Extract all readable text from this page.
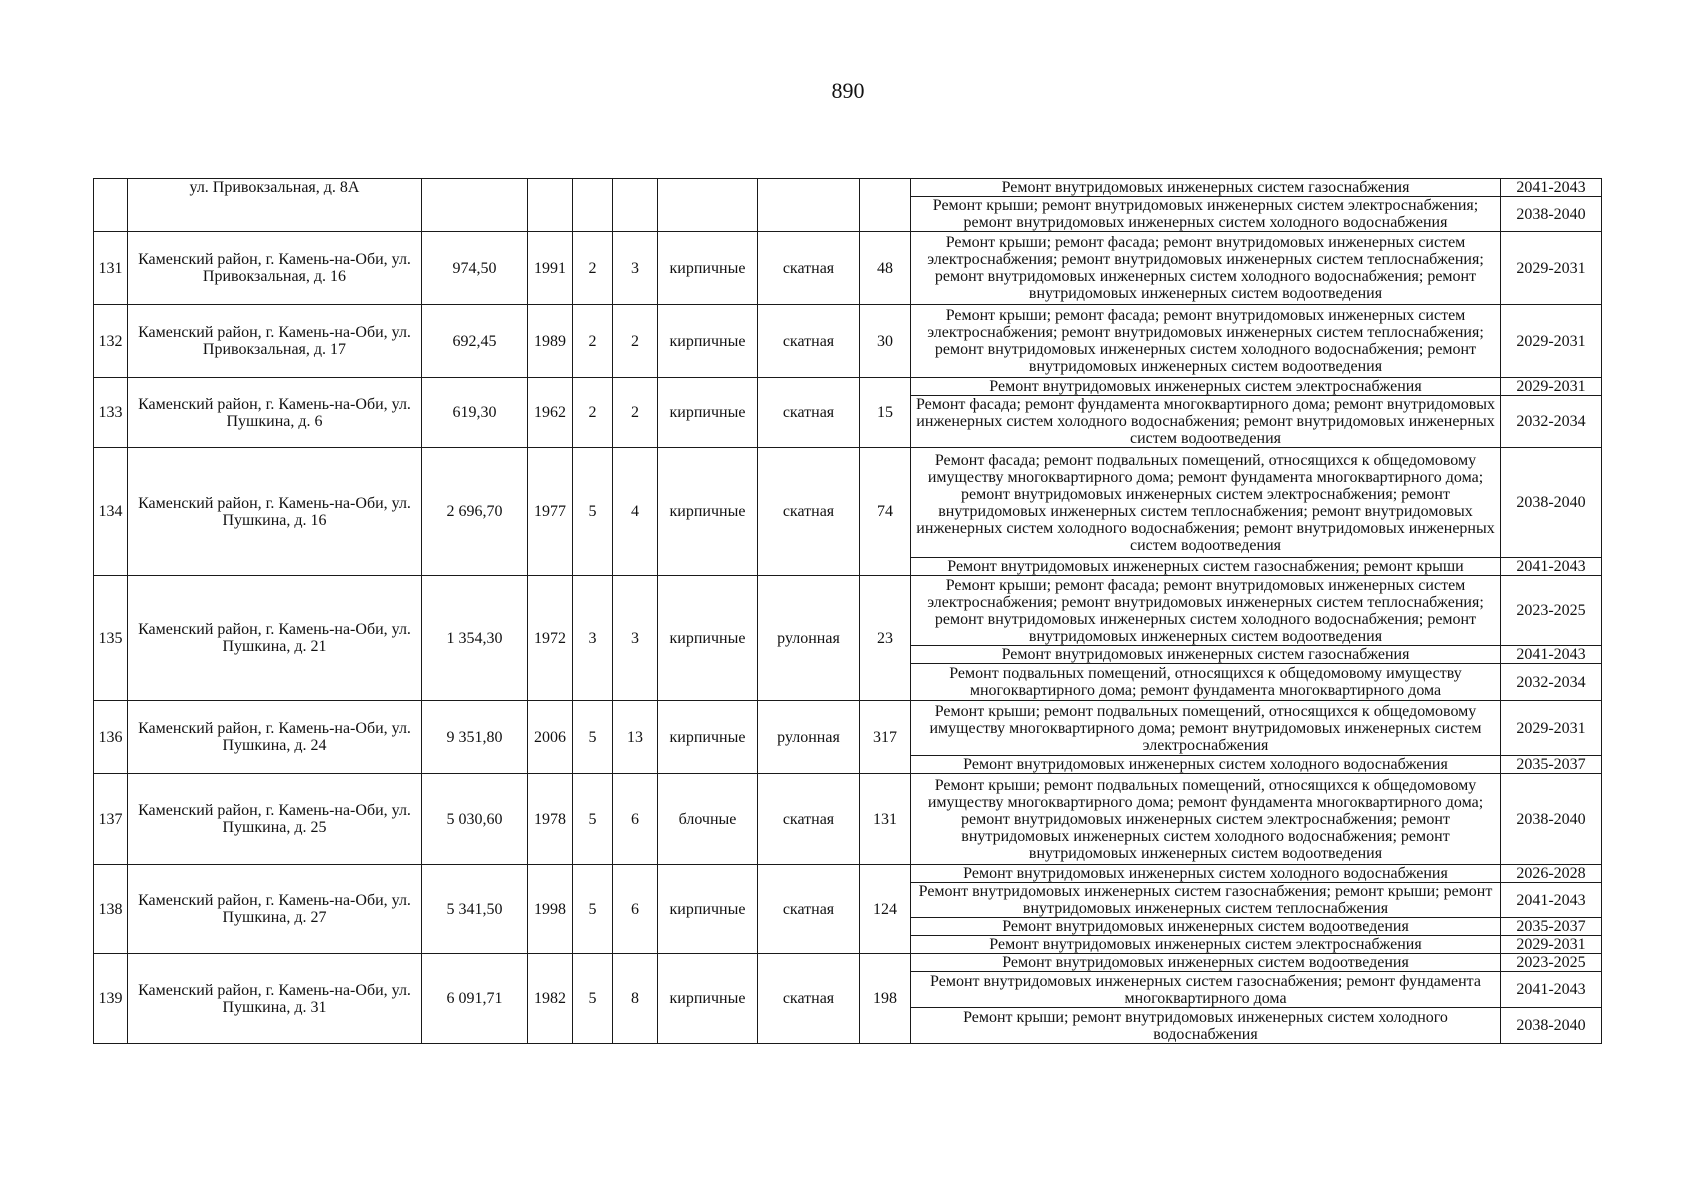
890
	ул. Привокзальная, д. 8А								Ремонт внутридомовых инженерных систем газоснабжения	2041-2043
									Ремонт крыши; ремонт внутридомовых инженерных систем электроснабжения; ремонт внутридомовых инженерных систем холодного водоснабжения	2038-2040
131	Каменский район, г. Камень-на-Оби, ул. Привокзальная, д. 16	974,50	1991	2	3	кирпичные	скатная	48	Ремонт крыши; ремонт фасада; ремонт внутридомовых инженерных систем электроснабжения; ремонт внутридомовых инженерных систем теплоснабжения; ремонт внутридомовых инженерных систем холодного водоснабжения; ремонт внутридомовых инженерных систем водоотведения	2029-2031
132	Каменский район, г. Камень-на-Оби, ул. Привокзальная, д. 17	692,45	1989	2	2	кирпичные	скатная	30	Ремонт крыши; ремонт фасада; ремонт внутридомовых инженерных систем электроснабжения; ремонт внутридомовых инженерных систем теплоснабжения; ремонт внутридомовых инженерных систем холодного водоснабжения; ремонт внутридомовых инженерных систем водоотведения	2029-2031
133	Каменский район, г. Камень-на-Оби, ул. Пушкина, д. 6	619,30	1962	2	2	кирпичные	скатная	15	Ремонт внутридомовых инженерных систем электроснабжения	2029-2031
									Ремонт фасада; ремонт фундамента многоквартирного дома; ремонт внутридомовых инженерных систем холодного водоснабжения; ремонт внутридомовых инженерных систем водоотведения	2032-2034
134	Каменский район, г. Камень-на-Оби, ул. Пушкина, д. 16	2 696,70	1977	5	4	кирпичные	скатная	74	Ремонт фасада; ремонт подвальных помещений, относящихся к общедомовому имуществу многоквартирного дома; ремонт фундамента многоквартирного дома; ремонт внутридомовых инженерных систем электроснабжения; ремонт внутридомовых инженерных систем теплоснабжения; ремонт внутридомовых инженерных систем холодного водоснабжения; ремонт внутридомовых инженерных систем водоотведения	2038-2040
									Ремонт внутридомовых инженерных систем газоснабжения; ремонт крыши	2041-2043
135	Каменский район, г. Камень-на-Оби, ул. Пушкина, д. 21	1 354,30	1972	3	3	кирпичные	рулонная	23	Ремонт крыши; ремонт фасада; ремонт внутридомовых инженерных систем электроснабжения; ремонт внутридомовых инженерных систем теплоснабжения; ремонт внутридомовых инженерных систем холодного водоснабжения; ремонт внутридомовых инженерных систем водоотведения	2023-2025
									Ремонт внутридомовых инженерных систем газоснабжения	2041-2043
									Ремонт подвальных помещений, относящихся к общедомовому имуществу многоквартирного дома; ремонт фундамента многоквартирного дома	2032-2034
136	Каменский район, г. Камень-на-Оби, ул. Пушкина, д. 24	9 351,80	2006	5	13	кирпичные	рулонная	317	Ремонт крыши; ремонт подвальных помещений, относящихся к общедомовому имуществу многоквартирного дома; ремонт внутридомовых инженерных систем электроснабжения	2029-2031
									Ремонт внутридомовых инженерных систем холодного водоснабжения	2035-2037
137	Каменский район, г. Камень-на-Оби, ул. Пушкина, д. 25	5 030,60	1978	5	6	блочные	скатная	131	Ремонт крыши; ремонт подвальных помещений, относящихся к общедомовому имуществу многоквартирного дома; ремонт фундамента многоквартирного дома; ремонт внутридомовых инженерных систем электроснабжения; ремонт внутридомовых инженерных систем холодного водоснабжения; ремонт внутридомовых инженерных систем водоотведения	2038-2040
138	Каменский район, г. Камень-на-Оби, ул. Пушкина, д. 27	5 341,50	1998	5	6	кирпичные	скатная	124	Ремонт внутридомовых инженерных систем холодного водоснабжения	2026-2028
									Ремонт внутридомовых инженерных систем газоснабжения; ремонт крыши; ремонт внутридомовых инженерных систем теплоснабжения	2041-2043
									Ремонт внутридомовых инженерных систем водоотведения	2035-2037
									Ремонт внутридомовых инженерных систем электроснабжения	2029-2031
139	Каменский район, г. Камень-на-Оби, ул. Пушкина, д. 31	6 091,71	1982	5	8	кирпичные	скатная	198	Ремонт внутридомовых инженерных систем водоотведения	2023-2025
									Ремонт внутридомовых инженерных систем газоснабжения; ремонт фундамента многоквартирного дома	2041-2043
									Ремонт крыши; ремонт внутридомовых инженерных систем холодного водоснабжения	2038-2040
